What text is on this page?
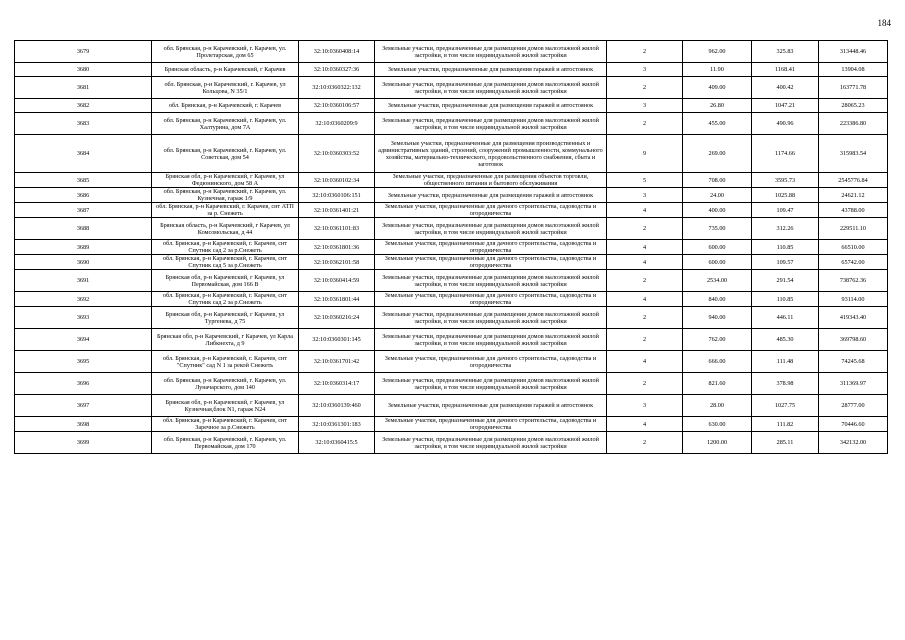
184
3679	обл. Брянская, р-н Карачевский, г. Карачев, ул. Пролетарская, дом 65	32:10:0360408:14	Земельные участки, предназначенные для размещения домов малоэтажной жилой застройки, в том числе индивидуальной жилой застройки	2	962.00	325.83	313448.46
3680	Брянская область, р-н Карачевский, г Карачев	32:10:0360327:36	Земельные участки, предназначенные для размещения гаражей и автостоянок	3	11.90	1168.41	13904.08
3681	обл. Брянская, р-н Карачевский, г. Карачев, ул Кольцова, N 35/1	32:10:0360322:132	Земельные участки, предназначенные для размещения домов малоэтажной жилой застройки, в том числе индивидуальной жилой застройки	2	409.00	400.42	163771.78
3682	обл. Брянская, р-н Карачевский, г. Карачев	32:10:0360106:57	Земельные участки, предназначенные для размещения гаражей и автостоянок	3	26.80	1047.21	28065.23
3683	обл. Брянская, р-н Карачевский, г. Карачев, ул. Халтурина, дом 7А	32:10:0360209:9	Земельные участки, предназначенные для размещения домов малоэтажной жилой застройки, в том числе индивидуальной жилой застройки	2	455.00	490.96	223386.80
3684	обл. Брянская, р-н Карачевский, г. Карачев, ул. Советская, дом 54	32:10:0360303:52	Земельные участки, предназначенные для размещения производственных и административных зданий, строений, сооружений промышленности, коммунального хозяйства, материально-технического, продовольственного снабжения, сбыта и заготовок	9	269.00	1174.66	315983.54
3685	Брянская обл, р-н Карачевский, г Карачев, ул Федюнинского, дом 58 А	32:10:0360102:34	Земельные участки, предназначенные для размещения объектов торговли, общественного питания и бытового обслуживания	5	708.00	3595.73	2545776.84
3686	обл. Брянская, р-н Карачевский, г. Карачев, ул. Кузнечная, гараж 1/9	32:10:0360106:151	Земельные участки, предназначенные для размещения гаражей и автостоянок	3	24.00	1025.88	24621.12
3687	обл. Брянская, р-н Карачевский, г. Карачев, снт АТП за р. Снежеть	32:10:0361401:21	Земельные участки, предназначенные для дачного строительства, садоводства и огородничества	4	400.00	109.47	43788.00
3688	Брянская область, р-н Карачевский, г Карачев, ул Комсомольская, д 44	32:10:0361101:83	Земельные участки, предназначенные для размещения домов малоэтажной жилой застройки, в том числе индивидуальной жилой застройки	2	735.00	312.26	229511.10
3689	обл. Брянская, р-н Карачевский, г. Карачев, снт Спутник сад 2 за р.Снежеть	32:10:0361801:36	Земельные участки, предназначенные для дачного строительства, садоводства и огородничества	4	600.00	110.85	66510.00
3690	обл. Брянская, р-н Карачевский, г. Карачев, снт Спутник сад 5 за р.Снежеть	32:10:0362101:58	Земельные участки, предназначенные для дачного строительства, садоводства и огородничества	4	600.00	109.57	65742.00
3691	Брянская обл, р-н Карачевский, г Карачев, ул Первомайская, дом 166 В	32:10:0360414:59	Земельные участки, предназначенные для размещения домов малоэтажной жилой застройки, в том числе индивидуальной жилой застройки	2	2534.00	291.54	738762.36
3692	обл. Брянская, р-н Карачевский, г. Карачев, снт Спутник сад 2 за р.Снежеть	32:10:0361801:44	Земельные участки, предназначенные для дачного строительства, садоводства и огородничества	4	840.00	110.85	93114.00
3693	Брянская обл, р-н Карачевский, г Карачев, ул Тургенева, д 75	32:10:0360216:24	Земельные участки, предназначенные для размещения домов малоэтажной жилой застройки, в том числе индивидуальной жилой застройки	2	940.00	446.11	419343.40
3694	Брянская обл, р-н Карачевский, г Карачев, ул Карла Либкнехта, д 9	32:10:0360301:145	Земельные участки, предназначенные для размещения домов малоэтажной жилой застройки, в том числе индивидуальной жилой застройки	2	762.00	485.30	369798.60
3695	обл. Брянская, р-н Карачевский, г. Карачев, снт "Спутник" сад N 1 за рекой Снежеть	32:10:0361701:42	Земельные участки, предназначенные для дачного строительства, садоводства и огородничества	4	666.00	111.48	74245.68
3696	обл. Брянская, р-н Карачевский, г. Карачев, ул. Луначарского, дом 140	32:10:0360314:17	Земельные участки, предназначенные для размещения домов малоэтажной жилой застройки, в том числе индивидуальной жилой застройки	2	821.60	378.98	311369.97
3697	Брянская обл, р-н Карачевский, г Карачев, ул Кузнечная,блок N1, гараж N24	32:10:0360139:460	Земельные участки, предназначенные для размещения гаражей и автостоянок	3	28.00	1027.75	28777.00
3698	обл. Брянская, р-н Карачевский, г. Карачев, снт Заречное за р.Снежеть	32:10:0361301:183	Земельные участки, предназначенные для дачного строительства, садоводства и огородничества	4	630.00	111.82	70446.60
3699	обл. Брянская, р-н Карачевский, г. Карачев, ул. Первомайская, дом 170	32:10:0360415:5	Земельные участки, предназначенные для размещения домов малоэтажной жилой застройки, в том числе индивидуальной жилой застройки	2	1200.00	285.11	342132.00
